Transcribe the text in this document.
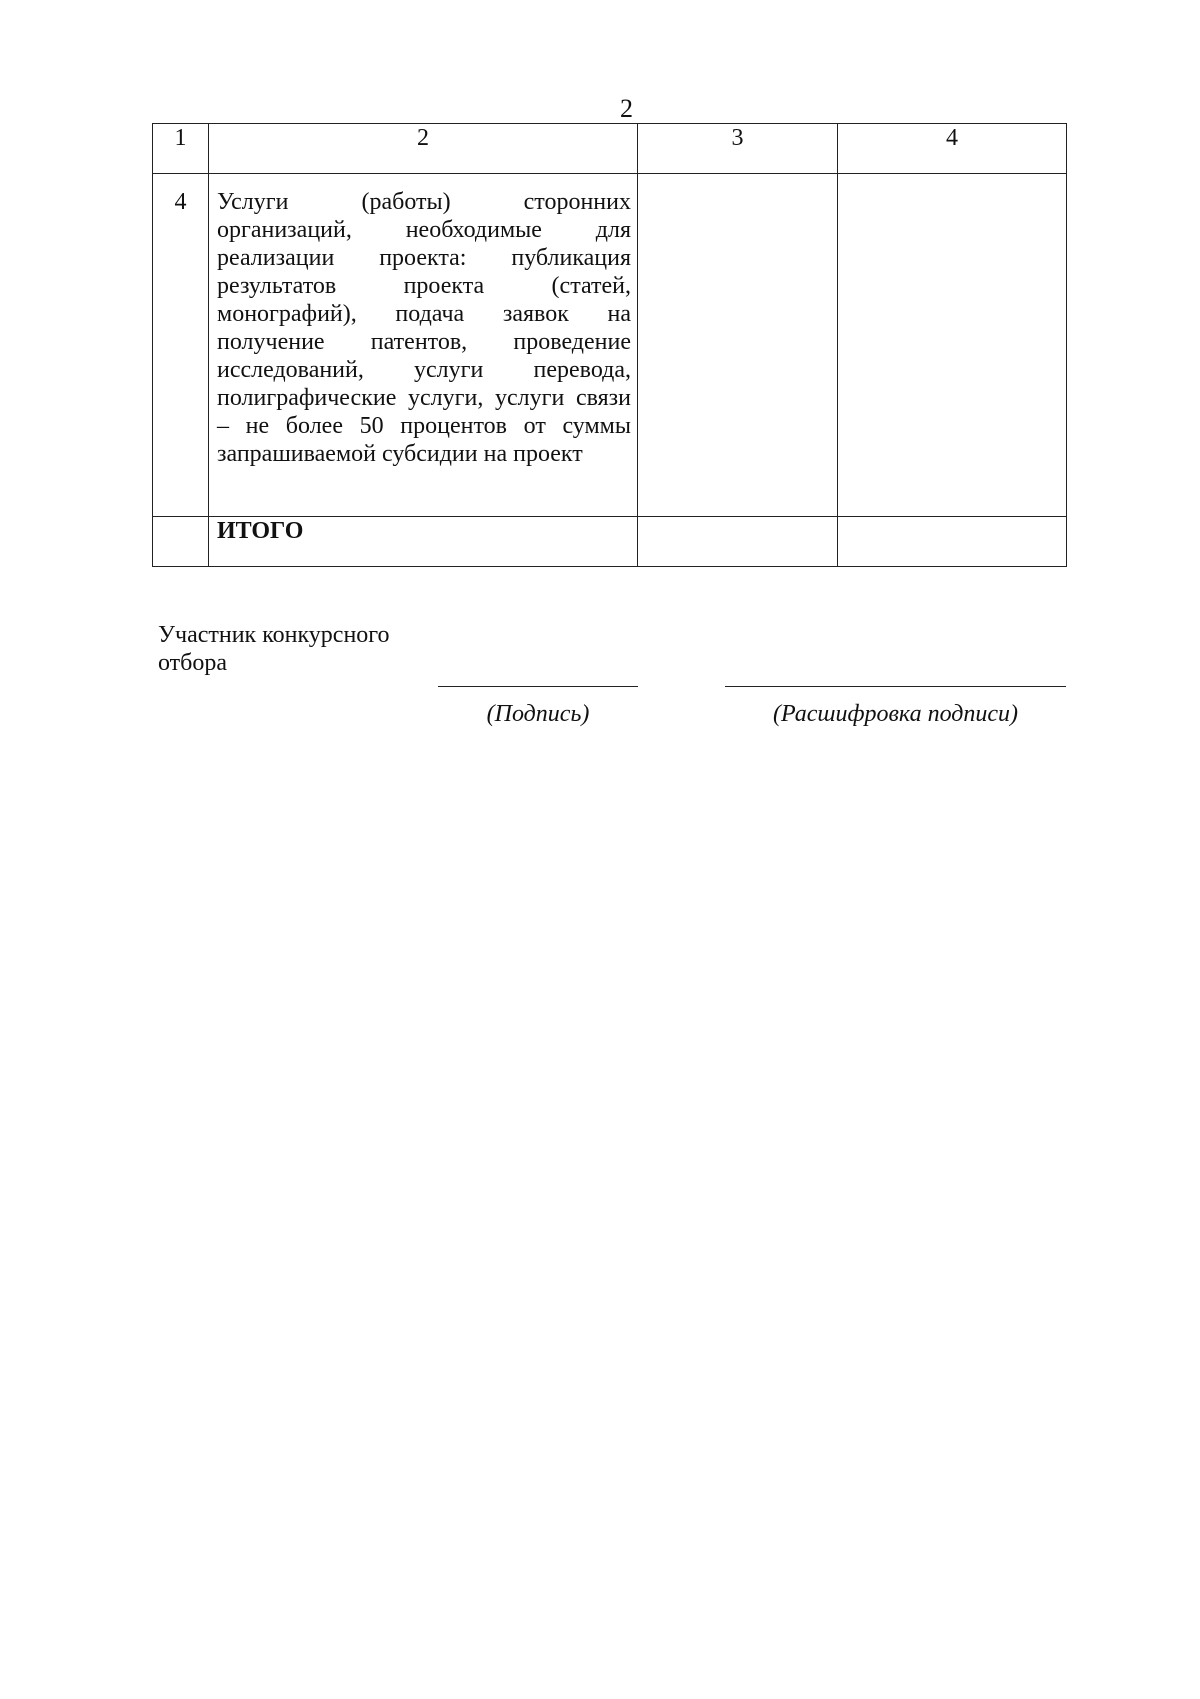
2
1	2	3	4
4	Услуги (работы) сторонних организаций, необходимые для реализации проекта: публикация результатов проекта (статей, монографий), подача заявок на получение патентов, проведение исследований, услуги перевода, полиграфические услуги, услуги связи – не более 50 процентов от суммы запрашиваемой субсидии на проект		
	ИТОГО		
Участник конкурсного отбора
(Подпись)	(Расшифровка подписи)
